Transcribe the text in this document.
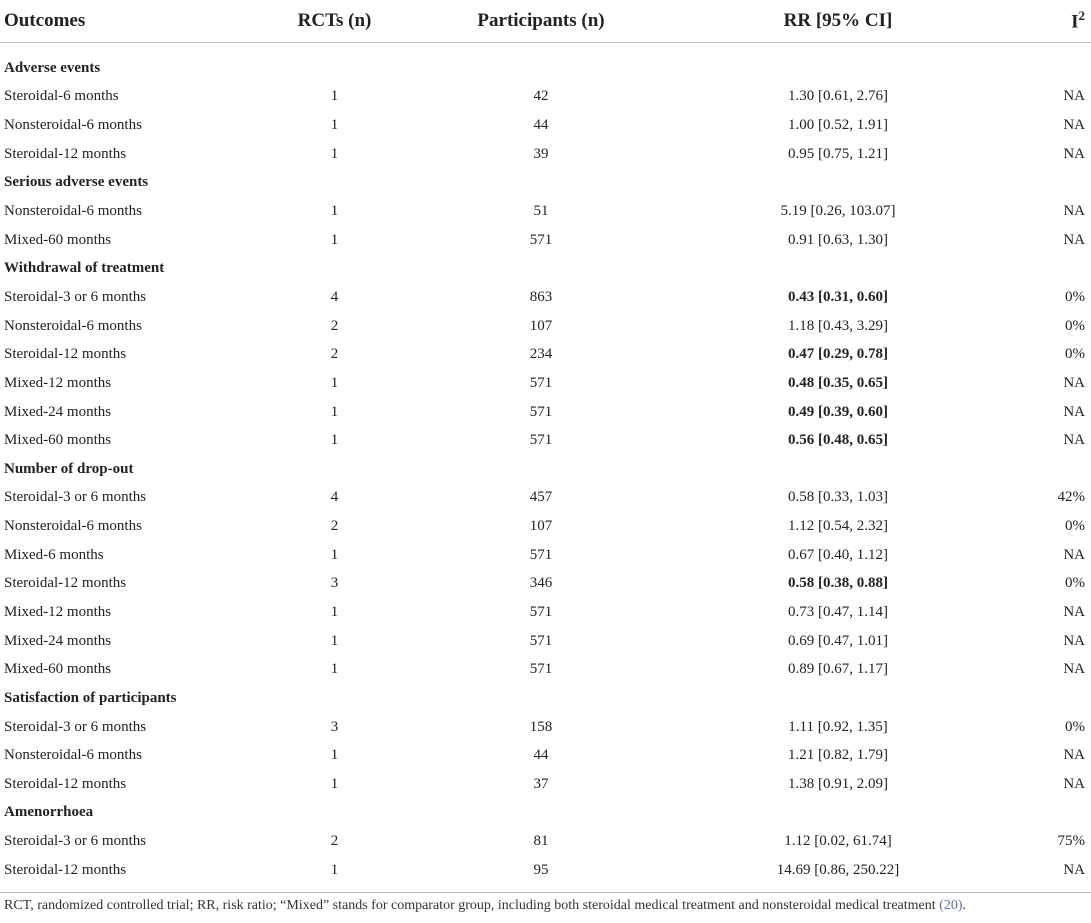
Outcomes	RCTs (n)	Participants (n)	RR [95% CI]	$I^2$

Adverse events				
Steroidal-6 months	1	42	1.30 [0.61, 2.76]	NA
Nonsteroidal-6 months	1	44	1.00 [0.52, 1.91]	NA
Steroidal-12 months	1	39	0.95 [0.75, 1.21]	NA
Serious adverse events				
Nonsteroidal-6 months	1	51	5.19 [0.26, 103.07]	NA
Mixed-60 months	1	571	0.91 [0.63, 1.30]	NA
Withdrawal of treatment				
Steroidal-3 or 6 months	4	863	0.43 [0.31, 0.60]	0%
Nonsteroidal-6 months	2	107	1.18 [0.43, 3.29]	0%
Steroidal-12 months	2	234	0.47 [0.29, 0.78]	0%
Mixed-12 months	1	571	0.48 [0.35, 0.65]	NA
Mixed-24 months	1	571	0.49 [0.39, 0.60]	NA
Mixed-60 months	1	571	0.56 [0.48, 0.65]	NA
Number of drop-out				
Steroidal-3 or 6 months	4	457	0.58 [0.33, 1.03]	42%
Nonsteroidal-6 months	2	107	1.12 [0.54, 2.32]	0%
Mixed-6 months	1	571	0.67 [0.40, 1.12]	NA
Steroidal-12 months	3	346	0.58 [0.38, 0.88]	0%
Mixed-12 months	1	571	0.73 [0.47, 1.14]	NA
Mixed-24 months	1	571	0.69 [0.47, 1.01]	NA
Mixed-60 months	1	571	0.89 [0.67, 1.17]	NA
Satisfaction of participants				
Steroidal-3 or 6 months	3	158	1.11 [0.92, 1.35]	0%
Nonsteroidal-6 months	1	44	1.21 [0.82, 1.79]	NA
Steroidal-12 months	1	37	1.38 [0.91, 2.09]	NA
Amenorrhoea				
Steroidal-3 or 6 months	2	81	1.12 [0.02, 61.74]	75%
Steroidal-12 months	1	95	14.69 [0.86, 250.22]	NA
RCT, randomized controlled trial; RR, risk ratio; “Mixed” stands for comparator group, including both steroidal medical treatment and nonsteroidal medical treatment (20).
